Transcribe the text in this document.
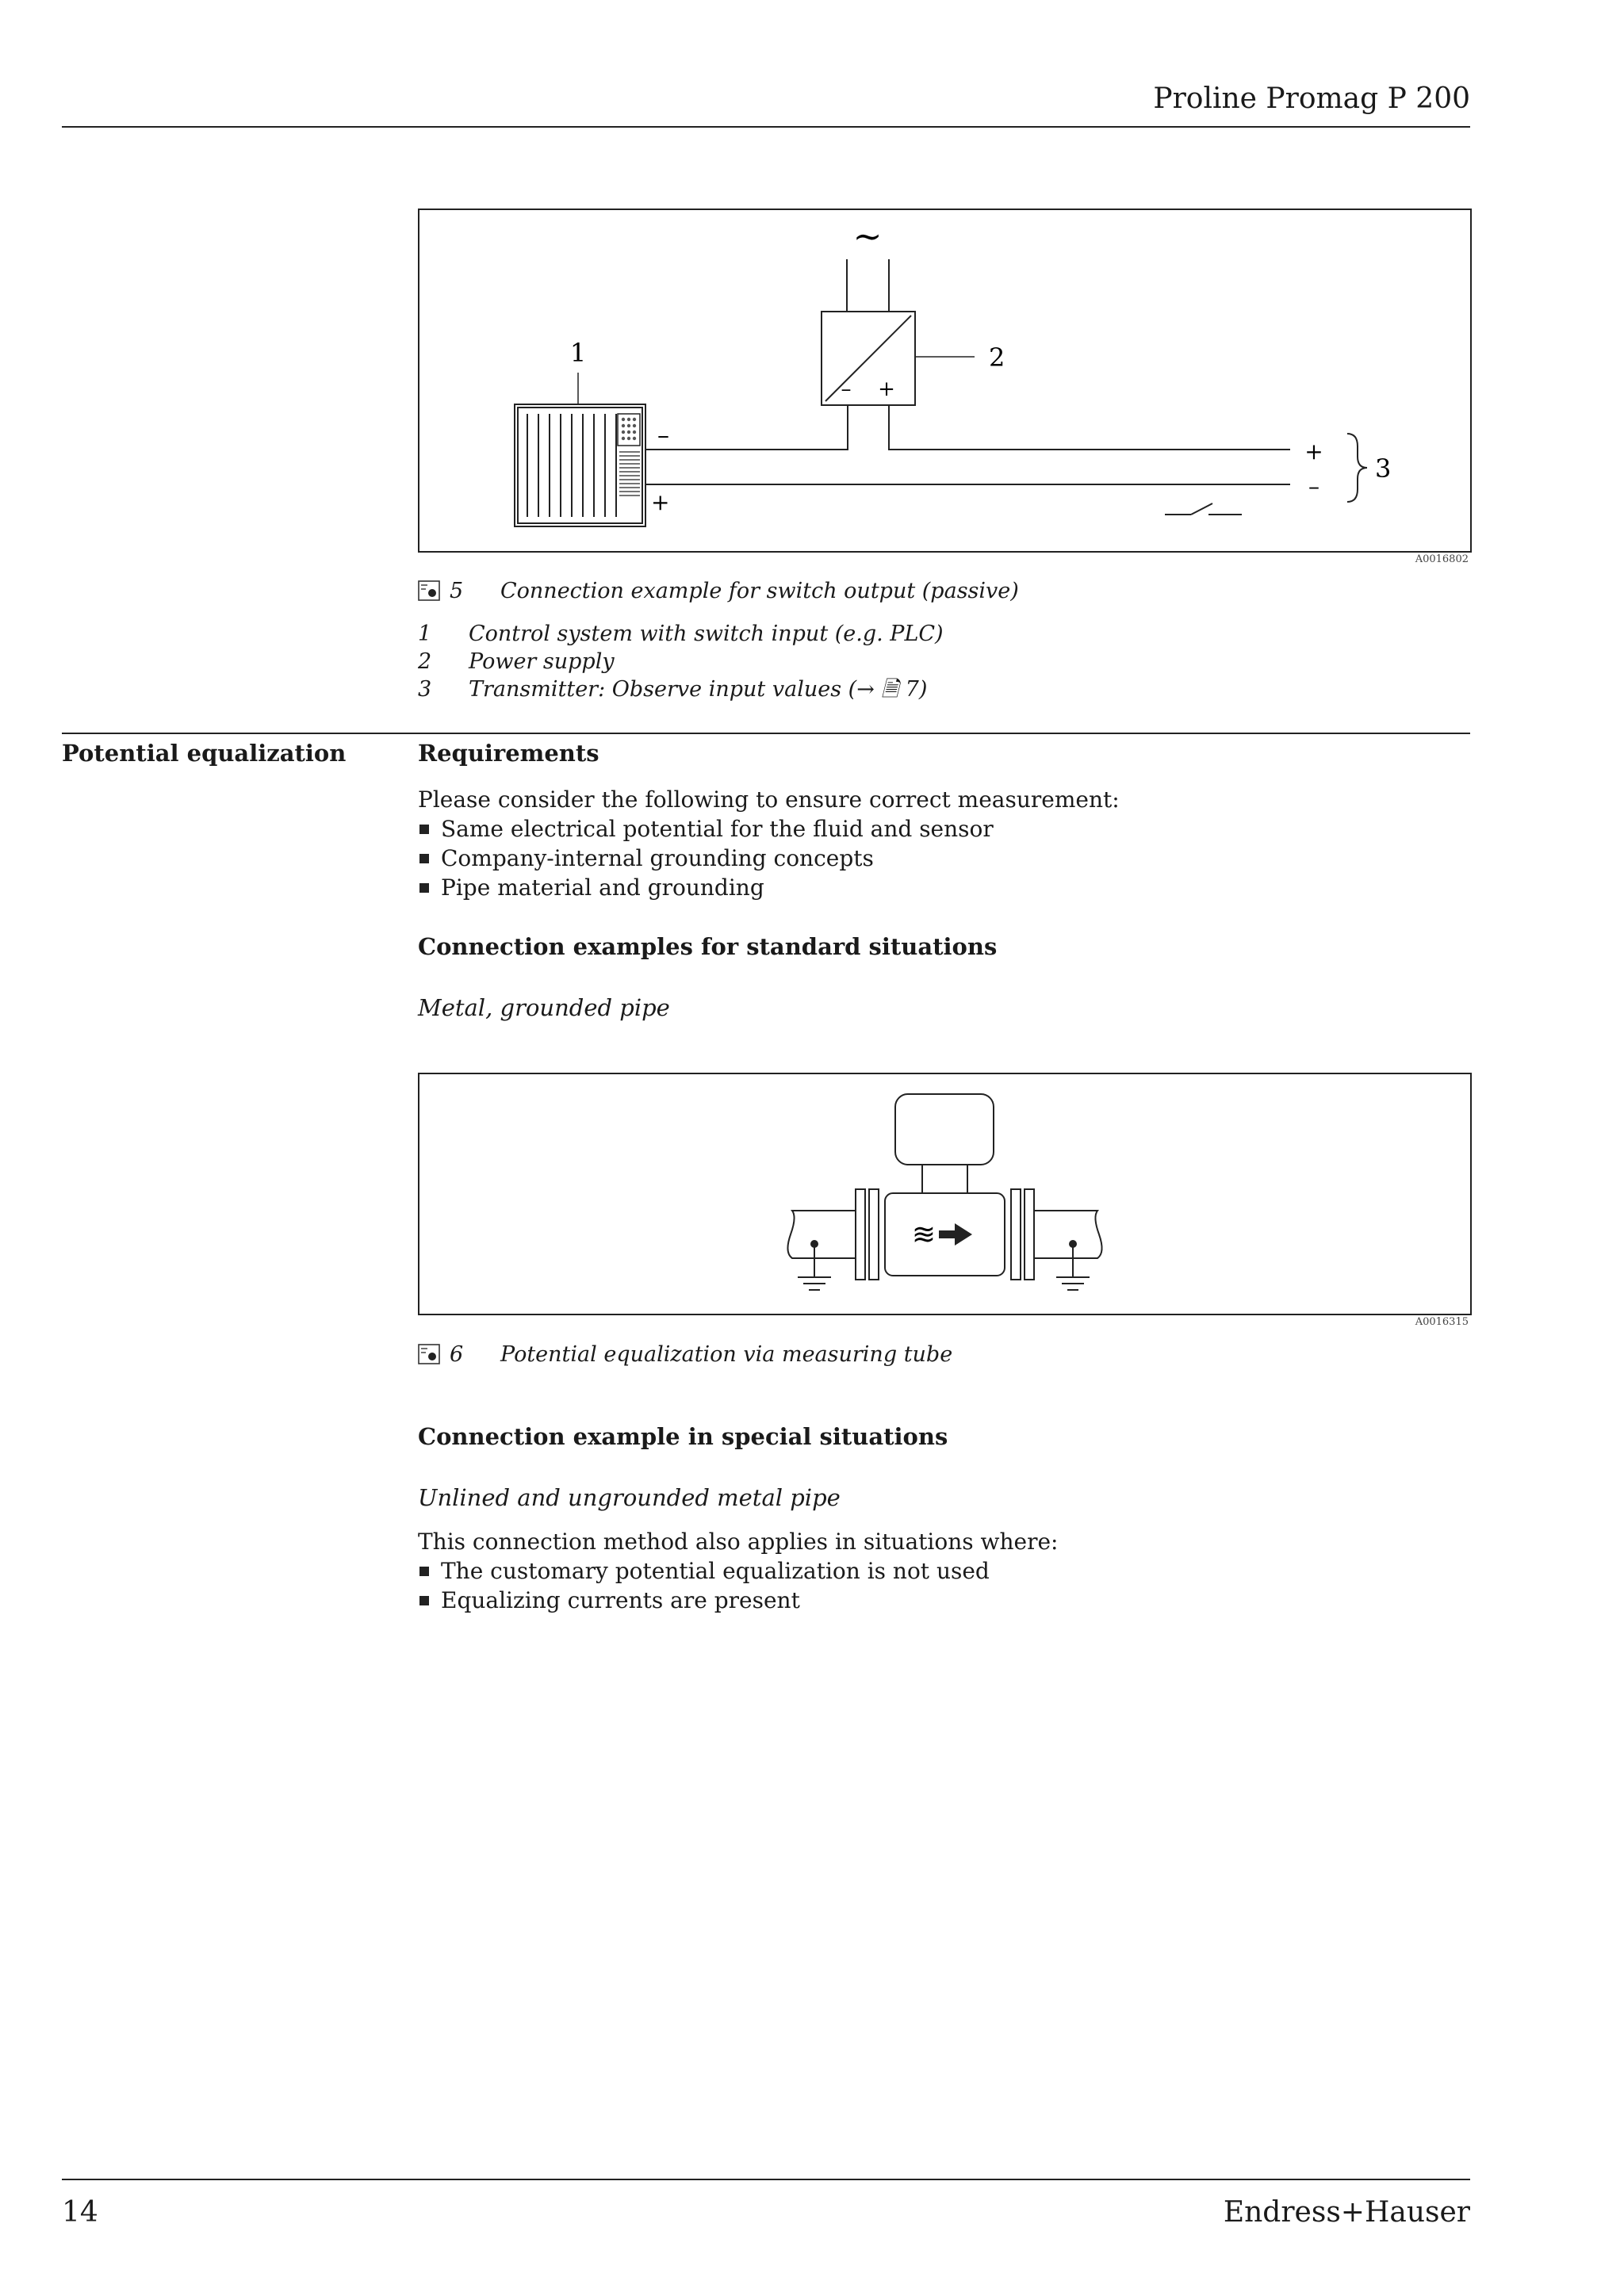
Proline Promag P 200
1
–
+
~
2
– +
+
–
3
A0016802
5 Connection example for switch output (passive)
1	Control system with switch input (e.g. PLC)
2	Power supply
3	Transmitter: Observe input values (→ 🗎 7)
Potential equalization	Requirements
Please consider the following to ensure correct measurement:
Same electrical potential for the fluid and sensor
Company-internal grounding concepts
Pipe material and grounding
Connection examples for standard situations
Metal, grounded pipe
≋
A0016315
6 Potential equalization via measuring tube
Connection example in special situations
Unlined and ungrounded metal pipe
This connection method also applies in situations where:
The customary potential equalization is not used
Equalizing currents are present
14	Endress+Hauser
